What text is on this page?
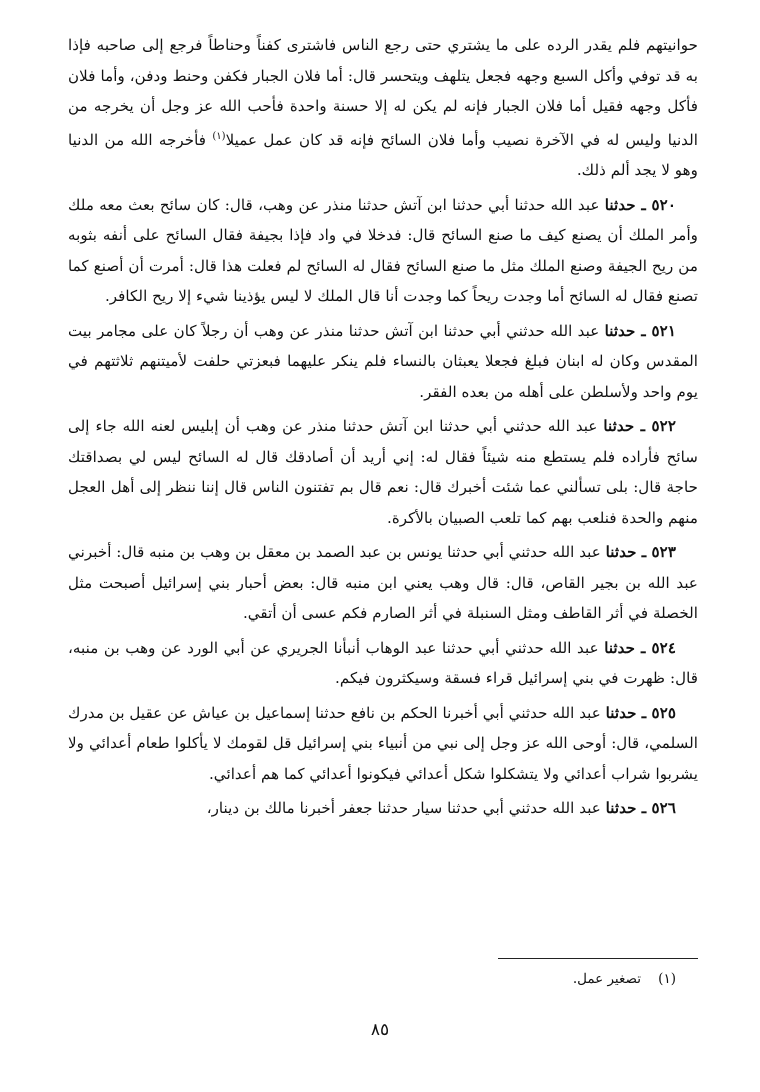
حوانيتهم فلم يقدر الرده على ما يشتري حتى رجع الناس فاشترى كفناً وحناطاً فرجع إلى صاحبه فإذا به قد توفي وأكل السبع وجهه فجعل يتلهف ويتحسر قال: أما فلان الجبار فكفن وحنط ودفن، وأما فلان فأكل وجهه فقيل أما فلان الجبار فإنه لم يكن له إلا حسنة واحدة فأحب الله عز وجل أن يخرجه من الدنيا وليس له في الآخرة نصيب وأما فلان السائح فإنه قد كان عمل عميلا$^{(١)}$ فأخرجه الله من الدنيا وهو لا يجد ألم ذلك.

٥٢٠ ـ حدثنا عبد الله حدثنا أبي حدثنا ابن آتش حدثنا منذر عن وهب، قال: كان سائح بعث معه ملك وأمر الملك أن يصنع كيف ما صنع السائح قال: فدخلا في واد فإذا بجيفة فقال السائح على أنفه بثوبه من ريح الجيفة وصنع الملك مثل ما صنع السائح فقال له السائح لم فعلت هذا قال: أمرت أن أصنع كما تصنع فقال له السائح أما وجدت ريحاً كما وجدت أنا قال الملك لا ليس يؤذينا شيء إلا ريح الكافر.

٥٢١ ـ حدثنا عبد الله حدثني أبي حدثنا ابن آتش حدثنا منذر عن وهب أن رجلاً كان على مجامر بيت المقدس وكان له ابنان فبلغ فجعلا يعبثان بالنساء فلم ينكر عليهما فبعزتي حلفت لأميتنهم ثلاثتهم في يوم واحد ولأسلطن على أهله من بعده الفقر.

٥٢٢ ـ حدثنا عبد الله حدثني أبي حدثنا ابن آتش حدثنا منذر عن وهب أن إبليس لعنه الله جاء إلى سائح فأراده فلم يستطع منه شيئاً فقال له: إني أريد أن أصادقك قال له السائح ليس لي بصداقتك حاجة قال: بلى تسألني عما شئت أخبرك قال: نعم قال بم تفتنون الناس قال إننا ننظر إلى أهل العجل منهم والحدة فنلعب بهم كما تلعب الصبيان بالأكرة.

٥٢٣ ـ حدثنا عبد الله حدثني أبي حدثنا يونس بن عبد الصمد بن معقل بن وهب بن منبه قال: أخبرني عبد الله بن بجير القاص، قال: قال وهب يعني ابن منبه قال: بعض أحبار بني إسرائيل أصبحت مثل الخصلة في أثر القاطف ومثل السنبلة في أثر الصارم فكم عسى أن أتقي.

٥٢٤ ـ حدثنا عبد الله حدثني أبي حدثنا عبد الوهاب أنبأنا الجريري عن أبي الورد عن وهب بن منبه، قال: ظهرت في بني إسرائيل قراء فسقة وسيكثرون فيكم.

٥٢٥ ـ حدثنا عبد الله حدثني أبي أخبرنا الحكم بن نافع حدثنا إسماعيل بن عياش عن عقيل بن مدرك السلمي، قال: أوحى الله عز وجل إلى نبي من أنبياء بني إسرائيل قل لقومك لا يأكلوا طعام أعدائي ولا يشربوا شراب أعدائي ولا يتشكلوا شكل أعدائي فيكونوا أعدائي كما هم أعدائي.

٥٢٦ ـ حدثنا عبد الله حدثني أبي حدثنا سيار حدثنا جعفر أخبرنا مالك بن دينار،

(١)    تصغير عمل.
٨٥
